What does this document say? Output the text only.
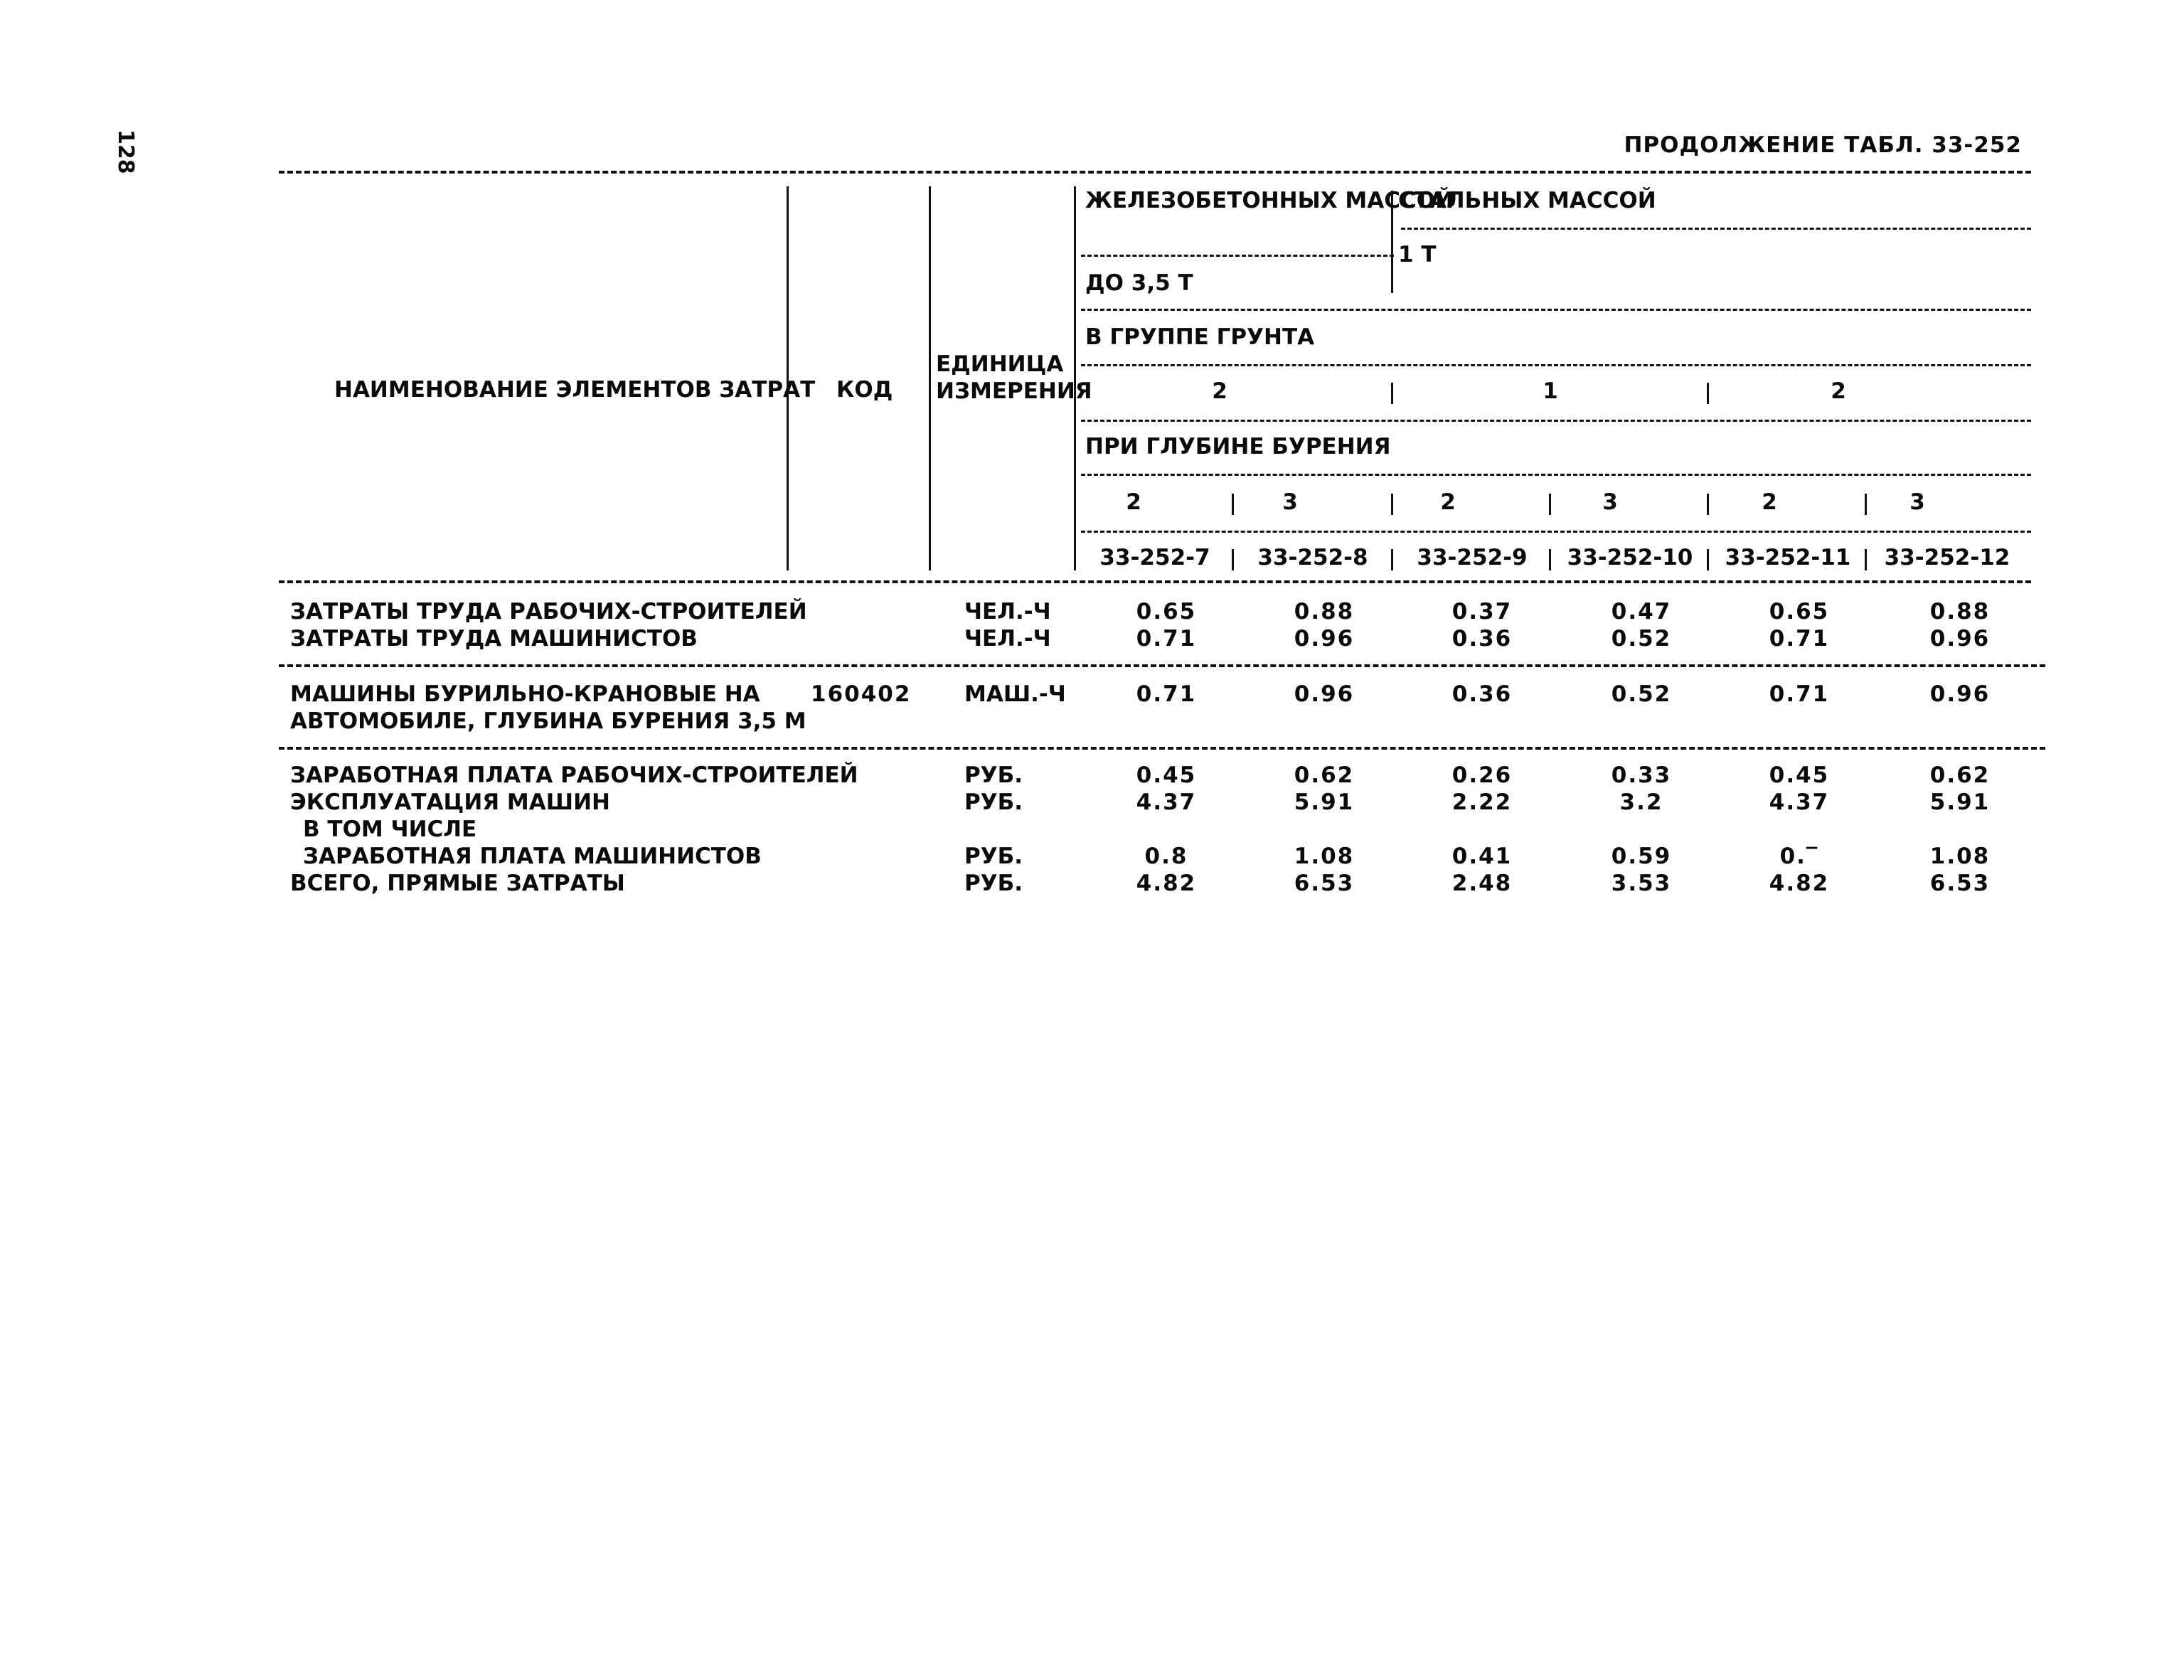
128	ПРОДОЛЖЕНИЕ ТАБЛ. 33-252
НАИМЕНОВАНИЕ ЭЛЕМЕНТОВ ЗАТРАТ КОД
ЕДИНИЦА
ИЗМЕРЕНИЯ
ЖЕЛЕЗОБЕТОННЫХ МАССОЙ
СТАЛЬНЫХ МАССОЙ
1 Т
ДО 3,5 Т
В ГРУППЕ ГРУНТА
2	1	2
ПРИ ГЛУБИНЕ БУРЕНИЯ
2	3	2	3	2	3
33-252-7 33-252-8 33-252-9 33-252-10 33-252-11 33-252-12
ЗАТРАТЫ ТРУДА РАБОЧИХ-СТРОИТЕЛЕЙ	ЧЕЛ.-Ч	0.65	0.88	0.37	0.47	0.65	0.88
ЗАТРАТЫ ТРУДА МАШИНИСТОВ	ЧЕЛ.-Ч	0.71	0.96	0.36	0.52	0.71	0.96
МАШИНЫ БУРИЛЬНО-КРАНОВЫЕ НА
АВТОМОБИЛЕ, ГЛУБИНА БУРЕНИЯ 3,5 М
160402 МАШ.-Ч	0.71	0.96	0.36	0.52	0.71	0.96
ЗАРАБОТНАЯ ПЛАТА РАБОЧИХ-СТРОИТЕЛЕЙ	РУБ.	0.45	0.62	0.26	0.33	0.45	0.62
ЭКСПЛУАТАЦИЯ МАШИН	РУБ.	4.37	5.91	2.22	3.2	4.37	5.91
В ТОМ ЧИСЛЕ
ЗАРАБОТНАЯ ПЛАТА МАШИНИСТОВ	РУБ.	0.8	1.08	0.41	0.59	0.‾	1.08
ВСЕГО, ПРЯМЫЕ ЗАТРАТЫ	РУБ.	4.82	6.53	2.48	3.53	4.82	6.53
